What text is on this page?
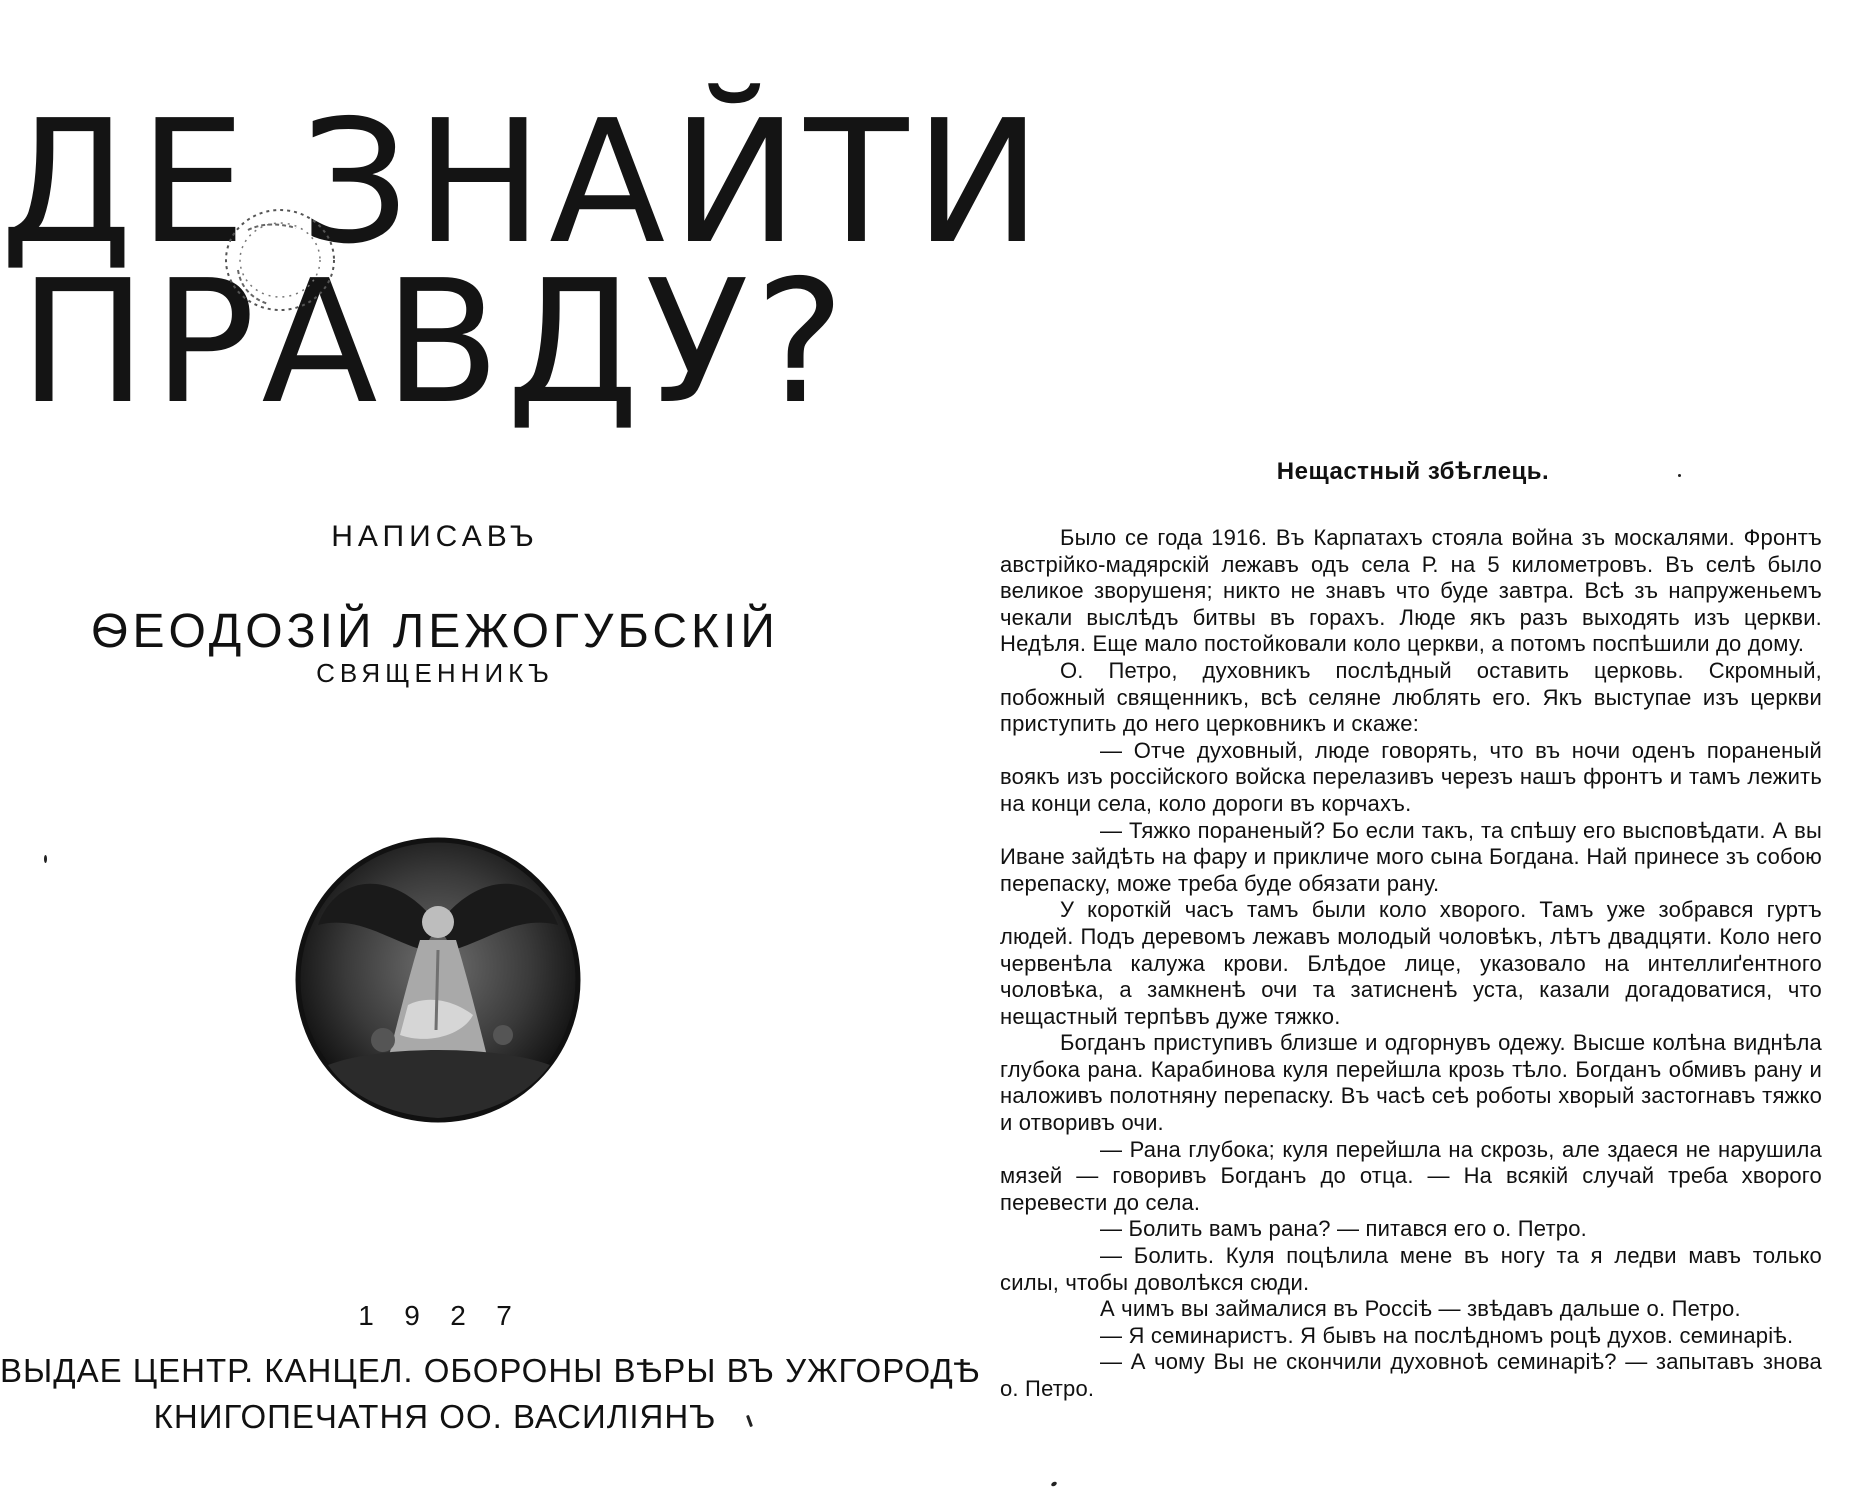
ДЕ ЗНАЙТИ
ПРАВДУ?
НАПИСАВЪ
ѲЕОДОЗІЙ ЛЕЖОГУБСКІЙ
СВЯЩЕННИКЪ
1 9 2 7
ВЫДАЕ ЦЕНТР. КАНЦЕЛ. ОБОРОНЫ ВѢРЫ ВЪ УЖГОРОДѢ
КНИГОПЕЧАТНЯ ОО. ВАСИЛІЯНЪ
Нещастный збѣглець.

Было се года 1916. Въ Карпатахъ стояла война зъ москалями. Фронтъ австрійко-мадярскій лежавъ одъ села Р. на 5 километровъ. Въ селѣ было великое зворушеня; никто не знавъ что буде завтра. Всѣ зъ напруженьемъ чекали выслѣдъ битвы въ горахъ. Люде якъ разъ выходять изъ церкви. Недѣля. Еще мало постойковали коло церкви, а потомъ поспѣшили до дому.

О. Петро, духовникъ послѣдный оставить церковь. Скромный, побожный священникъ, всѣ селяне люблять его. Якъ выступае изъ церкви приступить до него церковникъ и скаже:

— Отче духовный, люде говорять, что въ ночи оденъ пораненый воякъ изъ россійского войска перелазивъ черезъ нашъ фронтъ и тамъ лежить на конци села, коло дороги въ корчахъ.

— Тяжко пораненый? Бо если такъ, та спѣшу его высповѣдати. А вы Иване зайдѣть на фару и прикличе мого сына Богдана. Най принесе зъ собою перепаску, може треба буде обязати рану.

У короткій часъ тамъ были коло хворого. Тамъ уже зобрався гуртъ людей. Подъ деревомъ лежавъ молодый чоловѣкъ, лѣтъ двадцяти. Коло него червенѣла калужа крови. Блѣдое лице, указовало на интеллиґентного чоловѣка, а замкненѣ очи та затисненѣ уста, казали догадоватися, что нещастный терпѣвъ дуже тяжко.

Богданъ приступивъ близше и одгорнувъ одежу. Высше колѣна виднѣла глубока рана. Карабинова куля перейшла крозь тѣло. Богданъ обмивъ рану и наложивъ полотняну перепаску. Въ часѣ сеѣ роботы хворый застогнавъ тяжко и отворивъ очи.

— Рана глубока; куля перейшла на скрозь, але здаеся не нарушила мязей — говоривъ Богданъ до отца. — На всякій случай треба хворого перевести до села.

— Болить вамъ рана? — питався его о. Петро.

— Болить. Куля поцѣлила мене въ ногу та я ледви мавъ только силы, чтобы доволѣкся сюди.

А чимъ вы займалися въ Россіѣ — звѣдавъ дальше о. Петро.

— Я семинаристъ. Я бывъ на послѣдномъ роцѣ духов. семинаріѣ.

— А чому Вы не скончили духовноѣ семинаріѣ? — запытавъ знова о. Петро.
